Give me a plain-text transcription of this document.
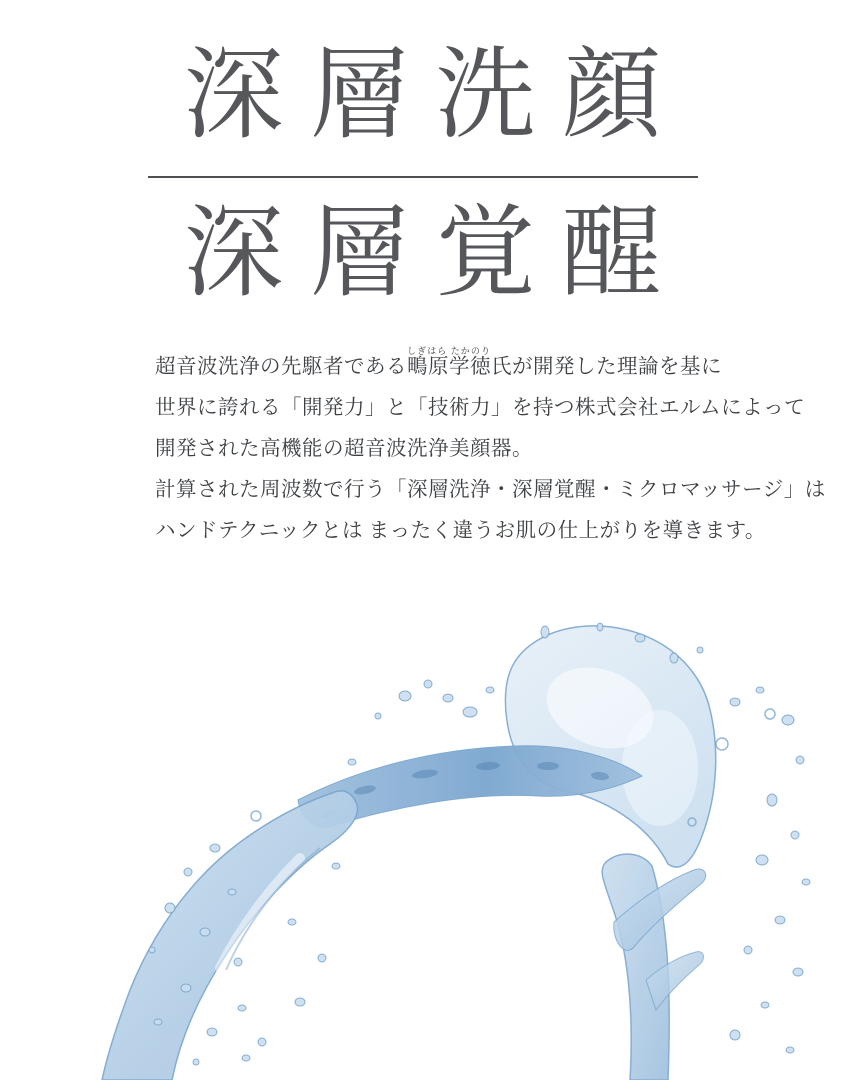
深層洗顔
深層覚醒

超音波洗浄の先駆者である鴫原学徳しぎはら たかのり氏が開発した理論を基に

世界に誇れる「開発力」と「技術力」を持つ株式会社エルムによって

開発された高機能の超音波洗浄美顔器。

計算された周波数で行う「深層洗浄・深層覚醒・ミクロマッサージ」は

ハンドテクニックとは まったく違うお肌の仕上がりを導きます。
